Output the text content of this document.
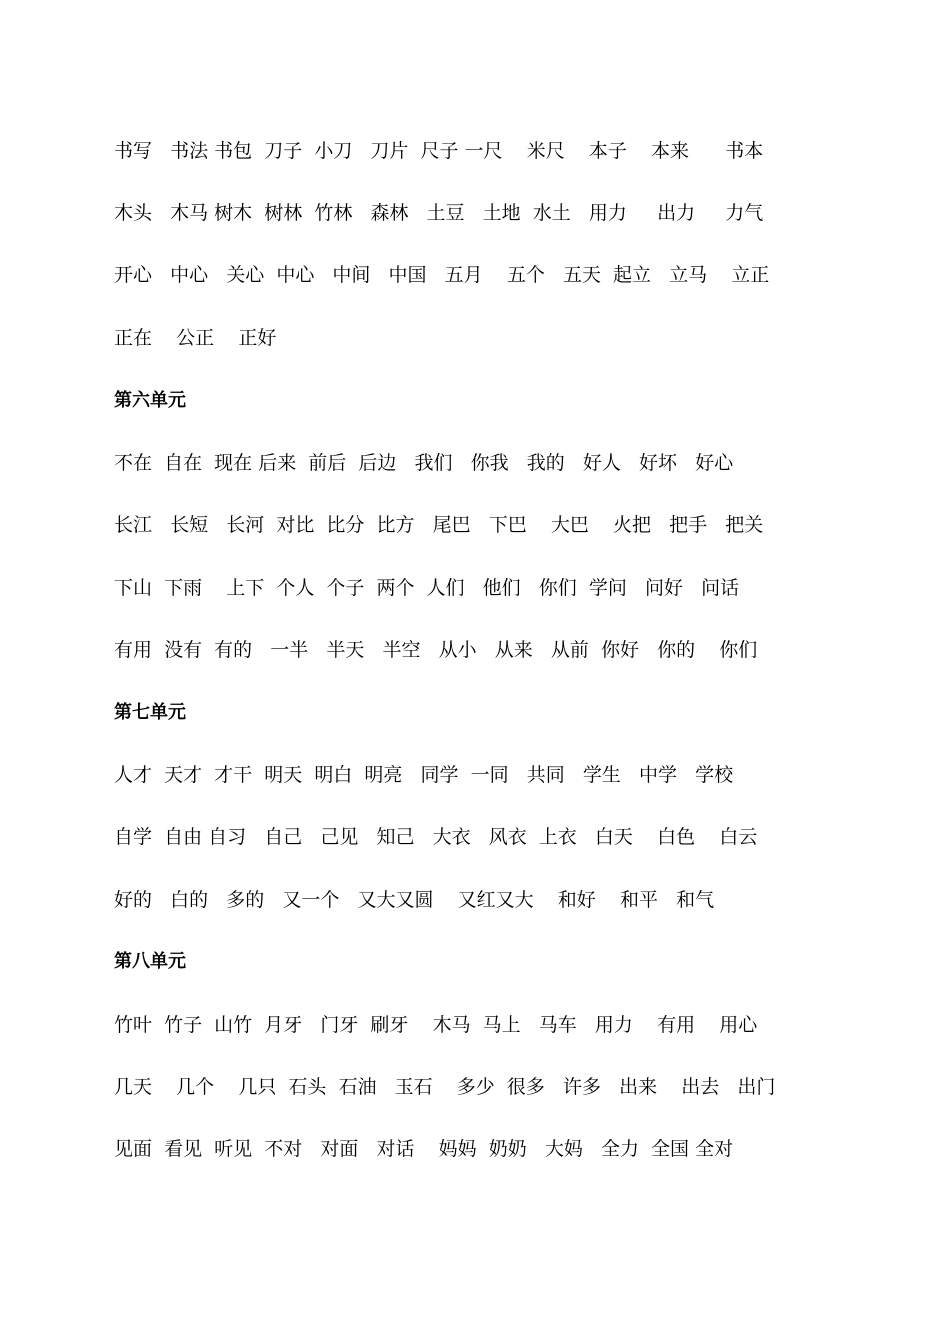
书写   书法 书包  刀子  小刀   刀片  尺子 一尺    米尺    本子    本来      书本
木头   木马 树木  树林  竹林   森林   土豆   土地  水土   用力     出力     力气
开心   中心   关心  中心   中间   中国   五月    五个   五天  起立   立马    立正
正在    公正    正好
第六单元
不在  自在  现在 后来  前后  后边   我们   你我   我的   好人   好坏   好心
长江   长短   长河  对比  比分  比方   尾巴   下巴    大巴    火把   把手   把关
下山  下雨    上下  个人  个子  两个  人们   他们   你们  学问   问好   问话
有用  没有  有的   一半   半天   半空   从小   从来   从前  你好   你的    你们
第七单元
人才  天才  才干  明天  明白  明亮   同学  一同   共同   学生   中学   学校
自学  自由 自习   自己   己见   知己   大衣   风衣  上衣   白天    白色    白云
好的   白的   多的   又一个   又大又圆    又红又大    和好    和平   和气
第八单元
竹叶  竹子  山竹  月牙   门牙  刷牙    木马  马上   马车   用力    有用    用心
几天    几个    几只  石头  石油   玉石    多少  很多   许多   出来    出去   出门
见面  看见  听见  不对   对面   对话    妈妈  奶奶   大妈   全力  全国 全对
